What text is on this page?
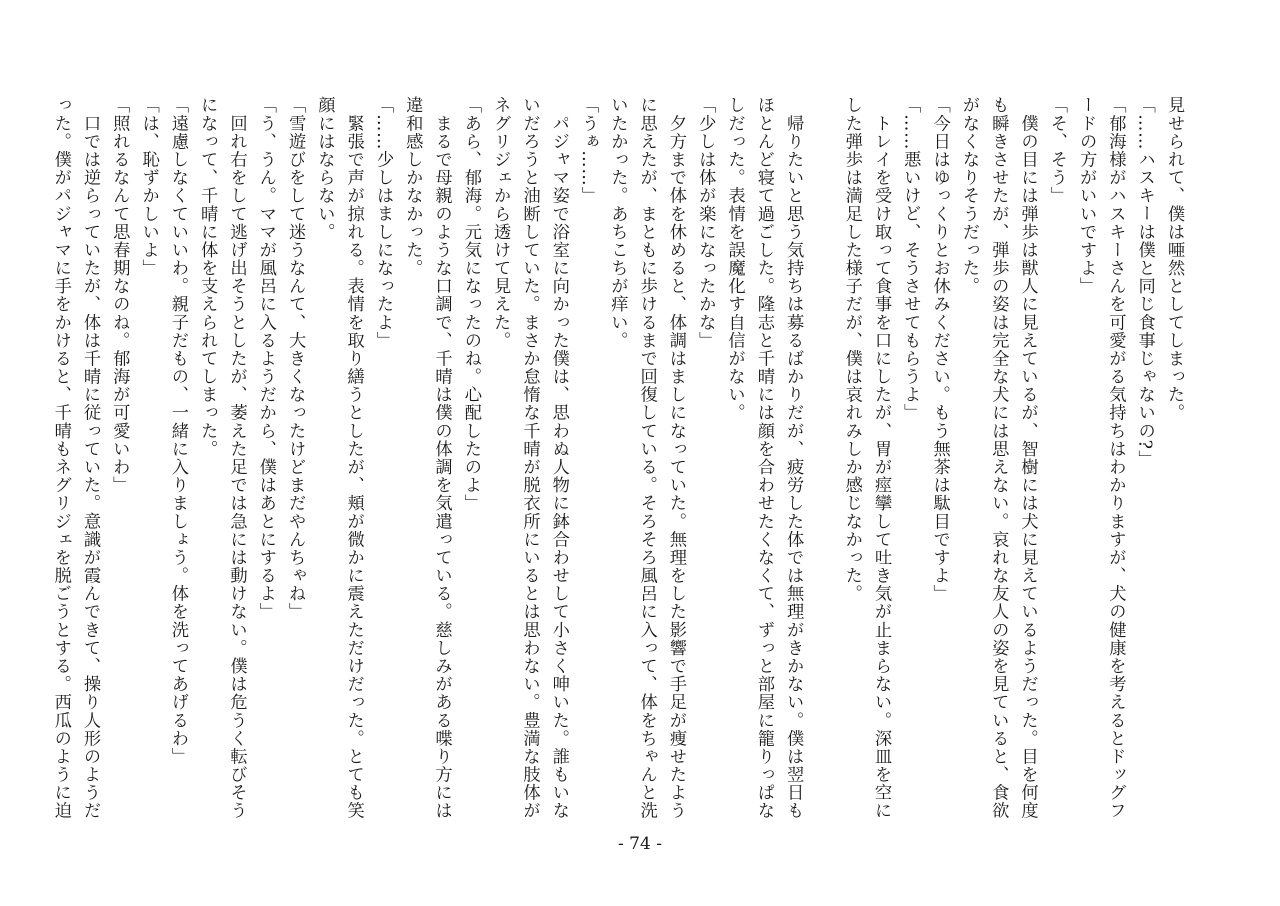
見せられて、僕は唖然としてしまった。

「……ハスキーは僕と同じ食事じゃないの?」

「郁海様がハスキーさんを可愛がる気持ちはわかりますが、犬の健康を考えるとドッグフ

ードの方がいいですよ」

「そ、そう」

　僕の目には弾歩は獣人に見えているが、智樹には犬に見えているようだった。目を何度

も瞬きさせたが、弾歩の姿は完全な犬には思えない。哀れな友人の姿を見ていると、食欲

がなくなりそうだった。

「今日はゆっくりとお休みください。もう無茶は駄目ですよ」

「……悪いけど、そうさせてもらうよ」

　トレイを受け取って食事を口にしたが、胃が痙攣して吐き気が止まらない。深皿を空に

した弾歩は満足した様子だが、僕は哀れみしか感じなかった。

　帰りたいと思う気持ちは募るばかりだが、疲労した体では無理がきかない。僕は翌日も

ほとんど寝て過ごした。隆志と千晴には顔を合わせたくなくて、ずっと部屋に籠りっぱな

しだった。表情を誤魔化す自信がない。

「少しは体が楽になったかな」

　夕方まで体を休めると、体調はましになっていた。無理をした影響で手足が痩せたよう

に思えたが、まともに歩けるまで回復している。そろそろ風呂に入って、体をちゃんと洗

いたかった。あちこちが痒い。

「うぁ……」

　パジャマ姿で浴室に向かった僕は、思わぬ人物に鉢合わせして小さく呻いた。誰もいな

いだろうと油断していた。まさか怠惰な千晴が脱衣所にいるとは思わない。豊満な肢体が

ネグリジェから透けて見えた。

「あら、郁海。元気になったのね。心配したのよ」

　まるで母親のような口調で、千晴は僕の体調を気遣っている。慈しみがある喋り方には

違和感しかなかった。

「……少しはましになったよ」

　緊張で声が掠れる。表情を取り繕うとしたが、頬が微かに震えただけだった。とても笑

顔にはならない。

「雪遊びをして迷うなんて、大きくなったけどまだやんちゃね」

「う、うん。ママが風呂に入るようだから、僕はあとにするよ」

　回れ右をして逃げ出そうとしたが、萎えた足では急には動けない。僕は危うく転びそう

になって、千晴に体を支えられてしまった。

「遠慮しなくていいわ。親子だもの、一緒に入りましょう。体を洗ってあげるわ」

「は、恥ずかしいよ」

「照れるなんて思春期なのね。郁海が可愛いわ」

　口では逆らっていたが、体は千晴に従っていた。意識が霞んできて、操り人形のようだ

った。僕がパジャマに手をかけると、千晴もネグリジェを脱ごうとする。西瓜のように迫

- 74 -
